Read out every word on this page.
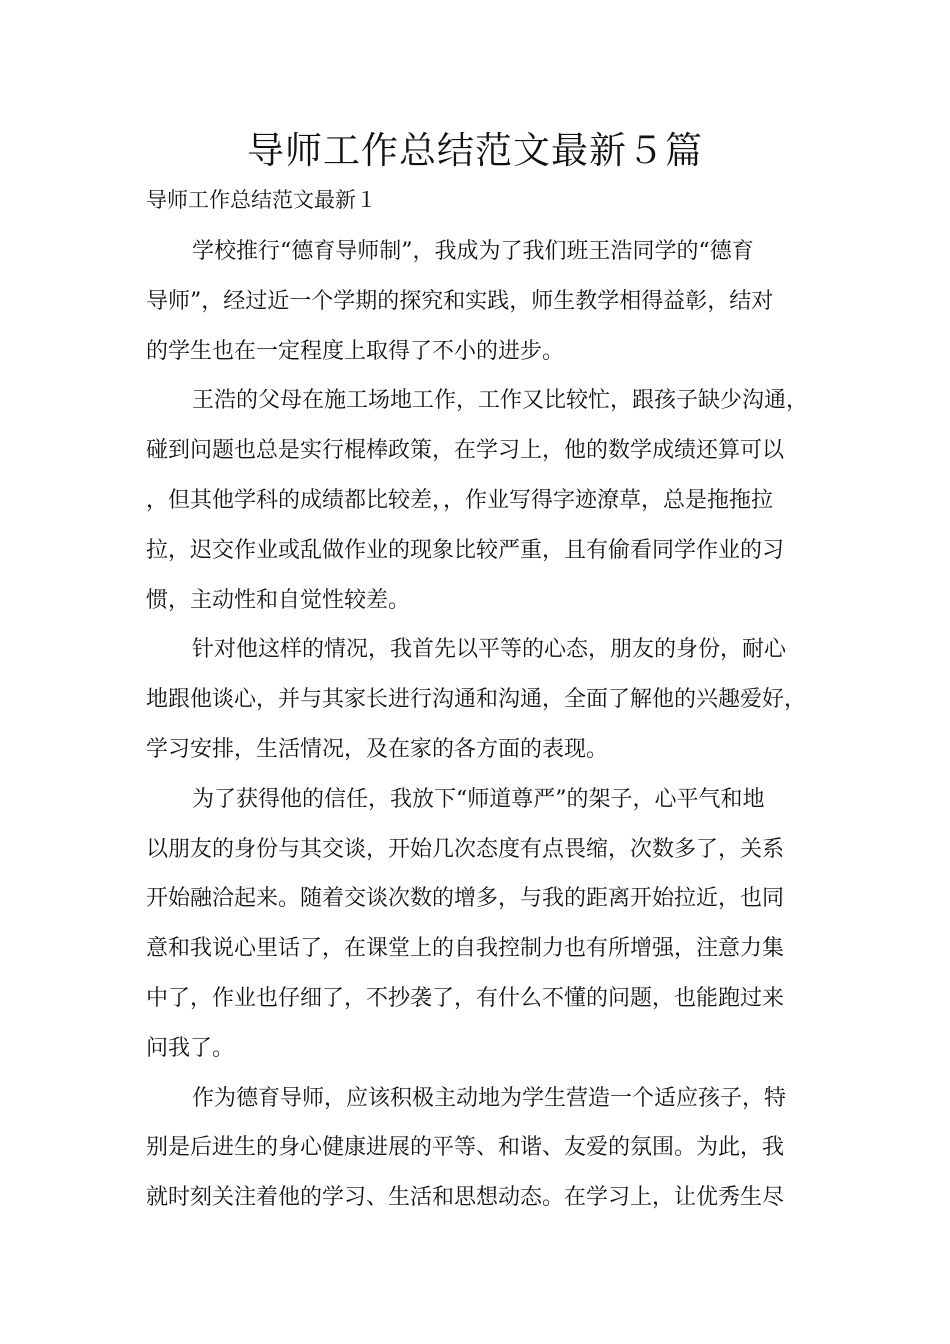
导师工作总结范文最新５篇
导师工作总结范文最新１
学校推行“德育导师制”，我成为了我们班王浩同学的“德育
导师”，经过近一个学期的探究和实践，师生教学相得益彰，结对
的学生也在一定程度上取得了不小的进步。
王浩的父母在施工场地工作，工作又比较忙，跟孩子缺少沟通，
碰到问题也总是实行棍棒政策，在学习上，他的数学成绩还算可以
，但其他学科的成绩都比较差，，作业写得字迹潦草，总是拖拖拉
拉，迟交作业或乱做作业的现象比较严重，且有偷看同学作业的习
惯，主动性和自觉性较差。
针对他这样的情况，我首先以平等的心态，朋友的身份，耐心
地跟他谈心，并与其家长进行沟通和沟通，全面了解他的兴趣爱好，
学习安排，生活情况，及在家的各方面的表现。
为了获得他的信任，我放下“师道尊严”的架子，心平气和地
以朋友的身份与其交谈，开始几次态度有点畏缩，次数多了，关系
开始融洽起来。随着交谈次数的增多，与我的距离开始拉近，也同
意和我说心里话了，在课堂上的自我控制力也有所增强，注意力集
中了，作业也仔细了，不抄袭了，有什么不懂的问题，也能跑过来
问我了。
作为德育导师，应该积极主动地为学生营造一个适应孩子，特
别是后进生的身心健康进展的平等、和谐、友爱的氛围。为此，我
就时刻关注着他的学习、生活和思想动态。在学习上，让优秀生尽
